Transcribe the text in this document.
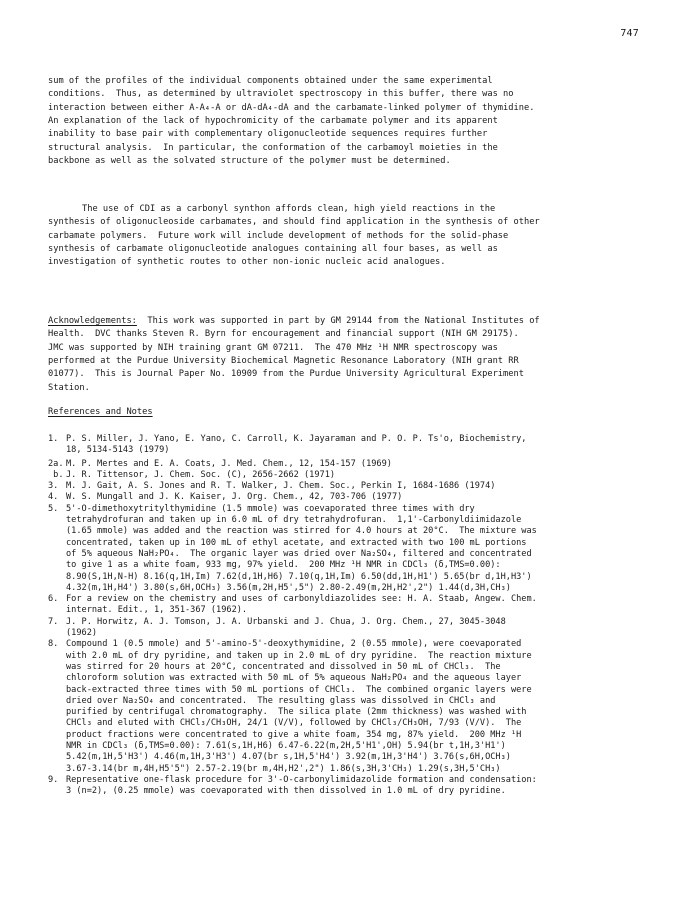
747
sum of the profiles of the individual components obtained under the same experimental
conditions.  Thus, as determined by ultraviolet spectroscopy in this buffer, there was no
interaction between either A-A₄-A or dA-dA₄-dA and the carbamate-linked polymer of thymidine.
An explanation of the lack of hypochromicity of the carbamate polymer and its apparent
inability to base pair with complementary oligonucleotide sequences requires further
structural analysis.  In particular, the conformation of the carbamoyl moieties in the
backbone as well as the solvated structure of the polymer must be determined.
The use of CDI as a carbonyl synthon affords clean, high yield reactions in the
synthesis of oligonucleoside carbamates, and should find application in the synthesis of other
carbamate polymers.  Future work will include development of methods for the solid-phase
synthesis of carbamate oligonucleotide analogues containing all four bases, as well as
investigation of synthetic routes to other non-ionic nucleic acid analogues.
Acknowledgements:  This work was supported in part by GM 29144 from the National Institutes of
Health.  DVC thanks Steven R. Byrn for encouragement and financial support (NIH GM 29175).
JMC was supported by NIH training grant GM 07211.  The 470 MHz ¹H NMR spectroscopy was
performed at the Purdue University Biochemical Magnetic Resonance Laboratory (NIH grant RR
01077).  This is Journal Paper No. 10909 from the Purdue University Agricultural Experiment
Station.
References and Notes
1. P. S. Miller, J. Yano, E. Yano, C. Carroll, K. Jayaraman and P. O. P. Ts'o, Biochemistry,
18, 5134-5143 (1979)
2a. M. P. Mertes and E. A. Coats, J. Med. Chem., 12, 154-157 (1969)
b. J. R. Tittensor, J. Chem. Soc. (C), 2656-2662 (1971)
3. M. J. Gait, A. S. Jones and R. T. Walker, J. Chem. Soc., Perkin I, 1684-1686 (1974)
4. W. S. Mungall and J. K. Kaiser, J. Org. Chem., 42, 703-706 (1977)
5. 5'-O-dimethoxytritylthymidine (1.5 mmole) was coevaporated three times with dry
tetrahydrofuran and taken up in 6.0 mL of dry tetrahydrofuran.  1,1'-Carbonyldiimidazole
(1.65 mmole) was added and the reaction was stirred for 4.0 hours at 20°C.  The mixture was
concentrated, taken up in 100 mL of ethyl acetate, and extracted with two 100 mL portions
of 5% aqueous NaH₂PO₄.  The organic layer was dried over Na₂SO₄, filtered and concentrated
to give 1 as a white foam, 933 mg, 97% yield.  200 MHz ¹H NMR in CDCl₃ (δ,TMS=0.00):
8.90(S,1H,N-H) 8.16(q,1H,Im) 7.62(d,1H,H6) 7.10(q,1H,Im) 6.50(dd,1H,H1') 5.65(br d,1H,H3')
4.32(m,1H,H4') 3.80(s,6H,OCH₃) 3.56(m,2H,H5',5") 2.80-2.49(m,2H,H2',2") 1.44(d,3H,CH₃)
6. For a review on the chemistry and uses of carbonyldiazolides see: H. A. Staab, Angew. Chem.
internat. Edit., 1, 351-367 (1962).
7. J. P. Horwitz, A. J. Tomson, J. A. Urbanski and J. Chua, J. Org. Chem., 27, 3045-3048
(1962)
8. Compound 1 (0.5 mmole) and 5'-amino-5'-deoxythymidine, 2 (0.55 mmole), were coevaporated
with 2.0 mL of dry pyridine, and taken up in 2.0 mL of dry pyridine.  The reaction mixture
was stirred for 20 hours at 20°C, concentrated and dissolved in 50 mL of CHCl₃.  The
chloroform solution was extracted with 50 mL of 5% aqueous NaH₂PO₄ and the aqueous layer
back-extracted three times with 50 mL portions of CHCl₃.  The combined organic layers were
dried over Na₂SO₄ and concentrated.  The resulting glass was dissolved in CHCl₃ and
purified by centrifugal chromatography.  The silica plate (2mm thickness) was washed with
CHCl₃ and eluted with CHCl₃/CH₃OH, 24/1 (V/V), followed by CHCl₃/CH₃OH, 7/93 (V/V).  The
product fractions were concentrated to give a white foam, 354 mg, 87% yield.  200 MHz ¹H
NMR in CDCl₃ (δ,TMS=0.00): 7.61(s,1H,H6) 6.47-6.22(m,2H,5'H1',OH) 5.94(br t,1H,3'H1')
5.42(m,1H,5'H3') 4.46(m,1H,3'H3') 4.07(br s,1H,5'H4') 3.92(m,1H,3'H4') 3.76(s,6H,OCH₃)
3.67-3.14(br m,4H,H5'5") 2.57-2.19(br m,4H,H2',2") 1.86(s,3H,3'CH₃) 1.29(s,3H,5'CH₃)
9. Representative one-flask procedure for 3'-O-carbonylimidazolide formation and condensation:
3 (n=2), (0.25 mmole) was coevaporated with then dissolved in 1.0 mL of dry pyridine.
